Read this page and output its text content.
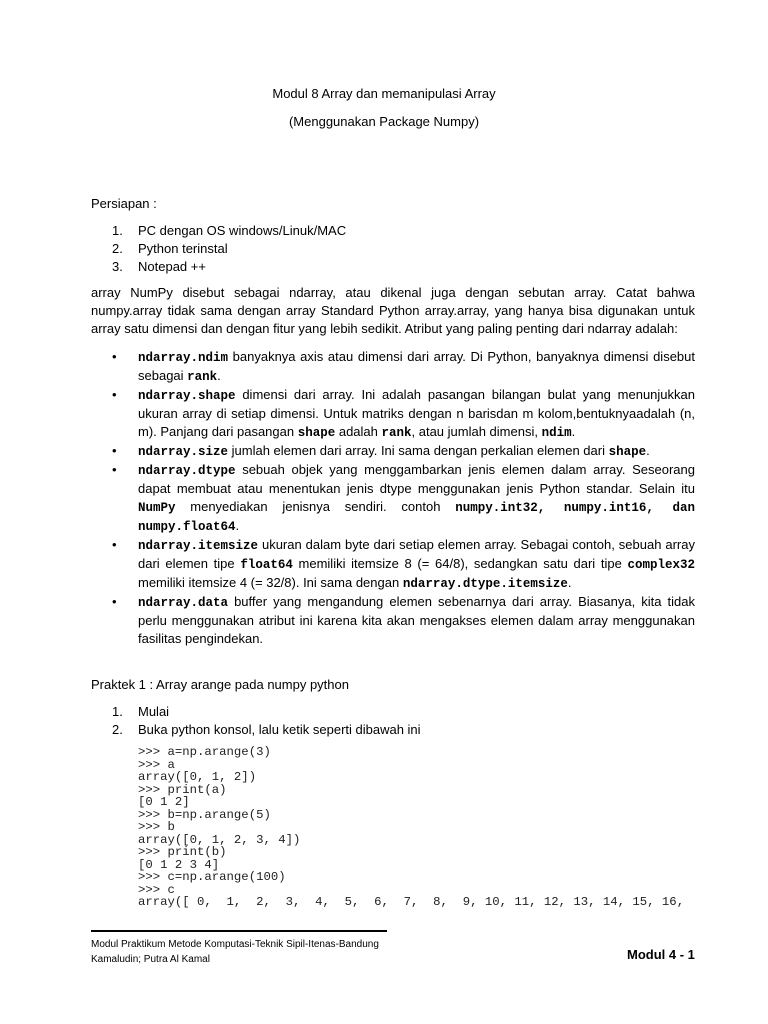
Modul 8 Array dan memanipulasi Array
(Menggunakan Package Numpy)
Persiapan :
1.	PC dengan OS windows/Linuk/MAC
2.	Python terinstal
3.	Notepad ++
array NumPy disebut sebagai ndarray, atau dikenal juga dengan sebutan array. Catat bahwa numpy.array tidak sama dengan array Standard Python array.array, yang hanya bisa digunakan untuk array satu dimensi dan dengan fitur yang lebih sedikit. Atribut yang paling penting dari ndarray adalah:
• ndarray.ndim banyaknya axis atau dimensi dari array. Di Python, banyaknya dimensi disebut sebagai rank.
• ndarray.shape dimensi dari array. Ini adalah pasangan bilangan bulat yang menunjukkan ukuran array di setiap dimensi. Untuk matriks dengan n barisdan m kolom,bentuknyaadalah (n, m). Panjang dari pasangan shape adalah rank, atau jumlah dimensi, ndim.
• ndarray.size jumlah elemen dari array. Ini sama dengan perkalian elemen dari shape.
• ndarray.dtype sebuah objek yang menggambarkan jenis elemen dalam array. Seseorang dapat membuat atau menentukan jenis dtype menggunakan jenis Python standar. Selain itu NumPy menyediakan jenisnya sendiri. contoh numpy.int32, numpy.int16, dan numpy.float64.
• ndarray.itemsize ukuran dalam byte dari setiap elemen array. Sebagai contoh, sebuah array dari elemen tipe float64 memiliki itemsize 8 (= 64/8), sedangkan satu dari tipe complex32 memiliki itemsize 4 (= 32/8). Ini sama dengan ndarray.dtype.itemsize.
• ndarray.data buffer yang mengandung elemen sebenarnya dari array. Biasanya, kita tidak perlu menggunakan atribut ini karena kita akan mengakses elemen dalam array menggunakan fasilitas pengindekan.
Praktek 1 : Array arange pada numpy python
1.	Mulai
2.	Buka python konsol, lalu ketik seperti dibawah ini
>>> a=np.arange(3)
>>> a
array([0, 1, 2])
>>> print(a)
[0 1 2]
>>> b=np.arange(5)
>>> b
array([0, 1, 2, 3, 4])
>>> print(b)
[0 1 2 3 4]
>>> c=np.arange(100)
>>> c
array([ 0,  1,  2,  3,  4,  5,  6,  7,  8,  9, 10, 11, 12, 13, 14, 15, 16,
Modul Praktikum Metode Komputasi-Teknik Sipil-Itenas-Bandung
Kamaludin; Putra Al Kamal	Modul 4 - 1
